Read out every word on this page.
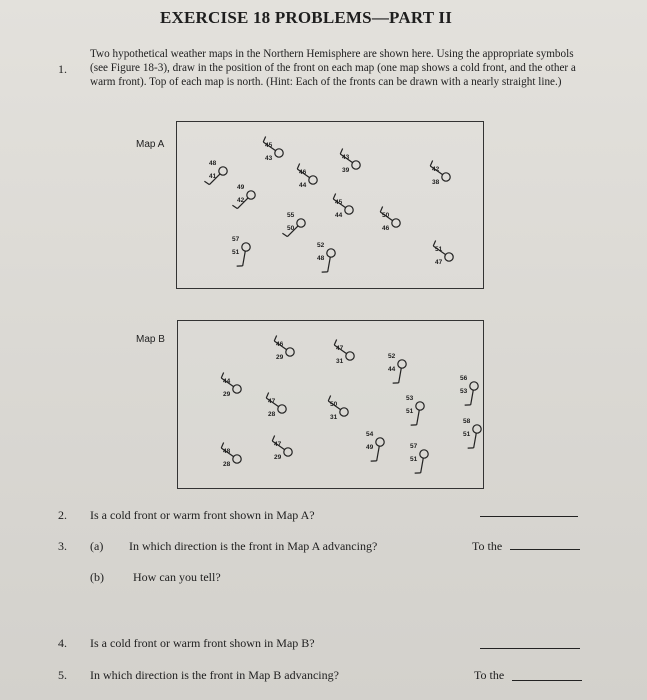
EXERCISE 18 PROBLEMS—PART II
1.
Two hypothetical weather maps in the Northern Hemisphere are shown here. Using the appropriate symbols (see Figure 18-3), draw in the position of the front on each map (one map shows a cold front, and the other a warm front). Top of each map is north. (Hint: Each of the fronts can be drawn with a nearly straight line.)
Map A	45
43
48
41
46
44
43
39	42
38
49
42	45
44
55
50
50
46
57
51
52
48
51
47
Map B	46
29
47
31
52
44
44
29
56
53
47
28
50
31
53
51
58
51
48
28
47
29
54
49	57
51
2. Is a cold front or warm front shown in Map A?
3. (a) In which direction is the front in Map A advancing?	To the
(b) How can you tell?
4. Is a cold front or warm front shown in Map B?
5. In which direction is the front in Map B advancing?	To the
